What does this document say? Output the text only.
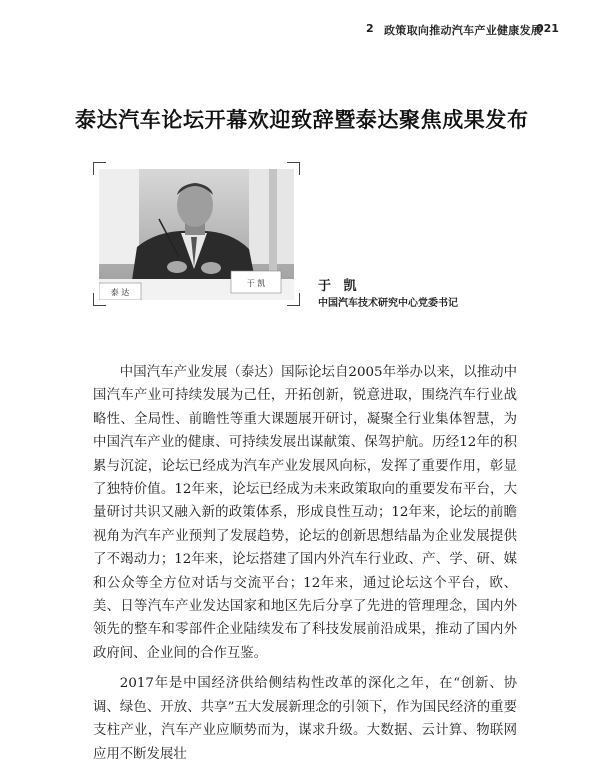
2 政策取向推动汽车产业健康发展
021
泰达汽车论坛开幕欢迎致辞暨泰达聚焦成果发布
泰 达
于 凯	于 凯
中国汽车技术研究中心党委书记

中国汽车产业发展（泰达）国际论坛自2005年举办以来，以推动中国汽车产业可持续发展为己任，开拓创新，锐意进取，围绕汽车行业战略性、全局性、前瞻性等重大课题展开研讨，凝聚全行业集体智慧，为中国汽车产业的健康、可持续发展出谋献策、保驾护航。历经12年的积累与沉淀，论坛已经成为汽车产业发展风向标，发挥了重要作用，彰显了独特价值。12年来，论坛已经成为未来政策取向的重要发布平台，大量研讨共识又融入新的政策体系，形成良性互动；12年来，论坛的前瞻视角为汽车产业预判了发展趋势，论坛的创新思想结晶为企业发展提供了不竭动力；12年来，论坛搭建了国内外汽车行业政、产、学、研、媒和公众等全方位对话与交流平台；12年来，通过论坛这个平台，欧、美、日等汽车产业发达国家和地区先后分享了先进的管理理念，国内外领先的整车和零部件企业陆续发布了科技发展前沿成果，推动了国内外政府间、企业间的合作互鉴。

2017年是中国经济供给侧结构性改革的深化之年，在“创新、协调、绿色、开放、共享”五大发展新理念的引领下，作为国民经济的重要支柱产业，汽车产业应顺势而为，谋求升级。大数据、云计算、物联网应用不断发展壮
